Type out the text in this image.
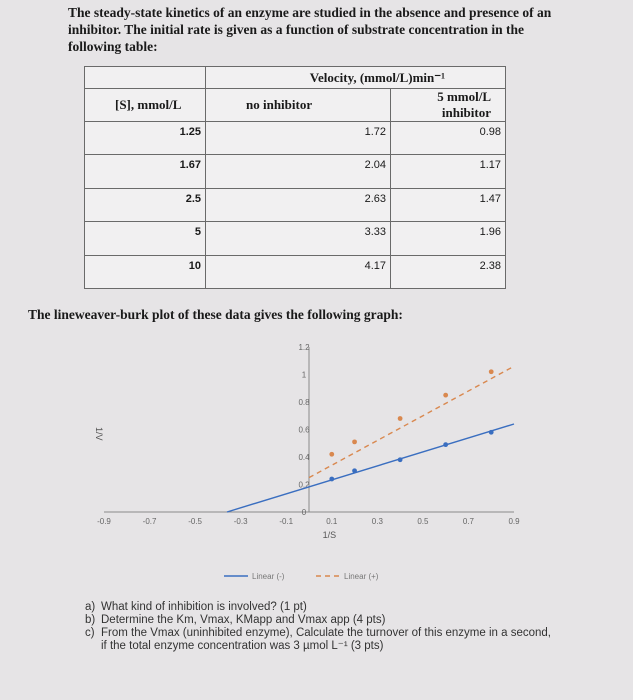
The steady-state kinetics of an enzyme are studied in the absence and presence of an inhibitor. The initial rate is given as a function of substrate concentration in the following table:
	Velocity, (mmol/L)min⁻¹	
[S], mmol/L	no inhibitor	5 mmol/L inhibitor
1.25	1.72	0.98
1.67	2.04	1.17
2.5	2.63	1.47
5	3.33	1.96
10	4.17	2.38
The lineweaver-burk plot of these data gives the following graph:
-0.9	-0.7	-0.5	-0.3	-0.1	0.1	0.3	0.5	0.7	0.9
0
0.2
0.4
0.6
0.8
1
1.2
1/S
1/V
Linear (-)	Linear (+)
a) What kind of inhibition is involved? (1 pt)
b) Determine the Km, Vmax, KMapp and Vmax app (4 pts)
c) From the Vmax (uninhibited enzyme), Calculate the turnover of this enzyme in a second, if the total enzyme concentration was 3 µmol L⁻¹ (3 pts)
